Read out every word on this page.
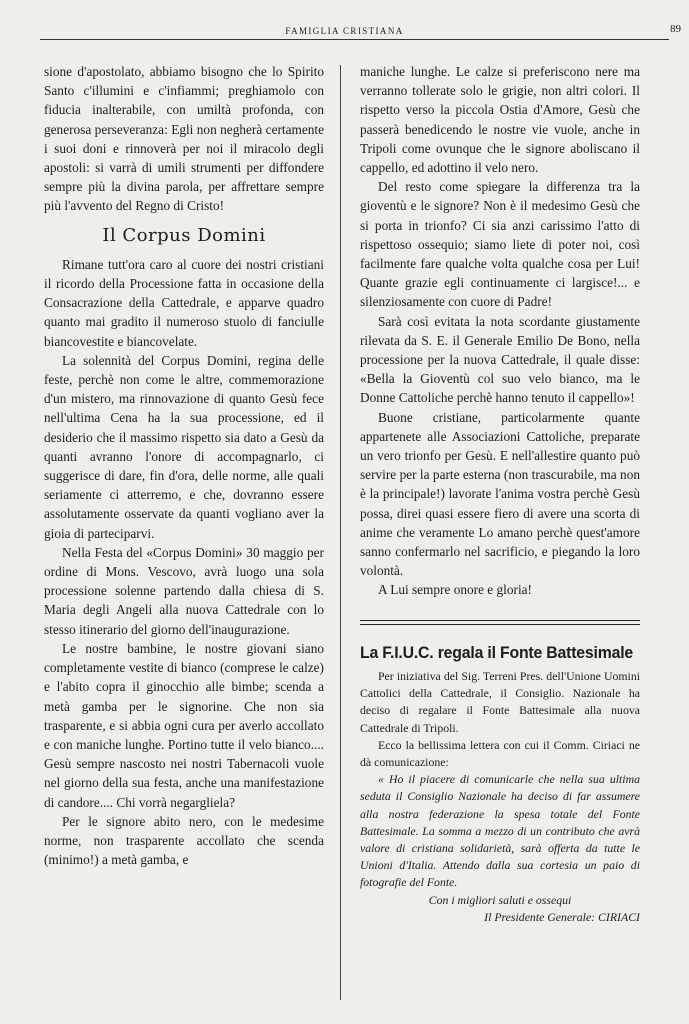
FAMIGLIA CRISTIANA	89

sione d'apostolato, abbiamo bisogno che lo Spirito Santo c'illumini e c'infiammi; preghiamolo con fiducia inalterabile, con umiltà profonda, con generosa perseveranza: Egli non negherà certamente i suoi doni e rinnoverà per noi il miracolo degli apostoli: si varrà di umili strumenti per diffondere sempre più la divina parola, per affrettare sempre più l'avvento del Regno di Cristo!

Il Corpus Domini

Rimane tutt'ora caro al cuore dei nostri cristiani il ricordo della Processione fatta in occasione della Consacrazione della Cattedrale, e apparve quadro quanto mai gradito il numeroso stuolo di fanciulle biancovestite e biancovelate.

La solennità del Corpus Domini, regina delle feste, perchè non come le altre, commemorazione d'un mistero, ma rinnovazione di quanto Gesù fece nell'ultima Cena ha la sua processione, ed il desiderio che il massimo rispetto sia dato a Gesù da quanti avranno l'onore di accompagnarlo, ci suggerisce di dare, fin d'ora, delle norme, alle quali seriamente ci atterremo, e che, dovranno essere assolutamente osservate da quanti vogliano aver la gioia di parteciparvi.

Nella Festa del «Corpus Domini» 30 maggio per ordine di Mons. Vescovo, avrà luogo una sola processione solenne partendo dalla chiesa di S. Maria degli Angeli alla nuova Cattedrale con lo stesso itinerario del giorno dell'inaugurazione.

Le nostre bambine, le nostre giovani siano completamente vestite di bianco (comprese le calze) e l'abito copra il ginocchio alle bimbe; scenda a metà gamba per le signorine. Che non sia trasparente, e si abbia ogni cura per averlo accollato e con maniche lunghe. Portino tutte il velo bianco.... Gesù sempre nascosto nei nostri Tabernacoli vuole nel giorno della sua festa, anche una manifestazione di candore.... Chi vorrà negargliela?

Per le signore abito nero, con le medesime norme, non trasparente accollato che scenda (minimo!) a metà gamba, e

maniche lunghe. Le calze si preferiscono nere ma verranno tollerate solo le grigie, non altri colori. Il rispetto verso la piccola Ostia d'Amore, Gesù che passerà benedicendo le nostre vie vuole, anche in Tripoli come ovunque che le signore aboliscano il cappello, ed adottino il velo nero.

Del resto come spiegare la differenza tra la gioventù e le signore? Non è il medesimo Gesù che si porta in trionfo? Ci sia anzi carissimo l'atto di rispettoso ossequio; siamo liete di poter noi, così facilmente fare qualche volta qualche cosa per Lui! Quante grazie egli continuamente ci largisce!... e silenziosamente con cuore di Padre!

Sarà così evitata la nota scordante giustamente rilevata da S. E. il Generale Emilio De Bono, nella processione per la nuova Cattedrale, il quale disse: «Bella la Gioventù col suo velo bianco, ma le Donne Cattoliche perchè hanno tenuto il cappello»!

Buone cristiane, particolarmente quante appartenete alle Associazioni Cattoliche, preparate un vero trionfo per Gesù. E nell'allestire quanto può servire per la parte esterna (non trascurabile, ma non è la principale!) lavorate l'anima vostra perchè Gesù possa, direi quasi essere fiero di avere una scorta di anime che veramente Lo amano perchè quest'amore sanno confermarlo nel sacrificio, e piegando la loro volontà.

A Lui sempre onore e gloria!

La F.I.U.C. regala il Fonte Battesimale

Per iniziativa del Sig. Terreni Pres. dell'Unione Uomini Cattolici della Cattedrale, il Consiglio. Nazionale ha deciso di regalare il Fonte Battesimale alla nuova Cattedrale di Tripoli.

Ecco la bellissima lettera con cui il Comm. Ciriaci ne dà comunicazione:

« Ho il piacere di comunicarle che nella sua ultima seduta il Consiglio Nazionale ha deciso di far assumere alla nostra federazione la spesa totale del Fonte Battesimale. La somma a mezzo di un contributo che avrà valore di cristiana solidarietà, sarà offerta da tutte le Unioni d'Italia. Attendo dalla sua cortesia un paio di fotografie del Fonte.

Con i migliori saluti e ossequi

Il Presidente Generale: CIRIACI
